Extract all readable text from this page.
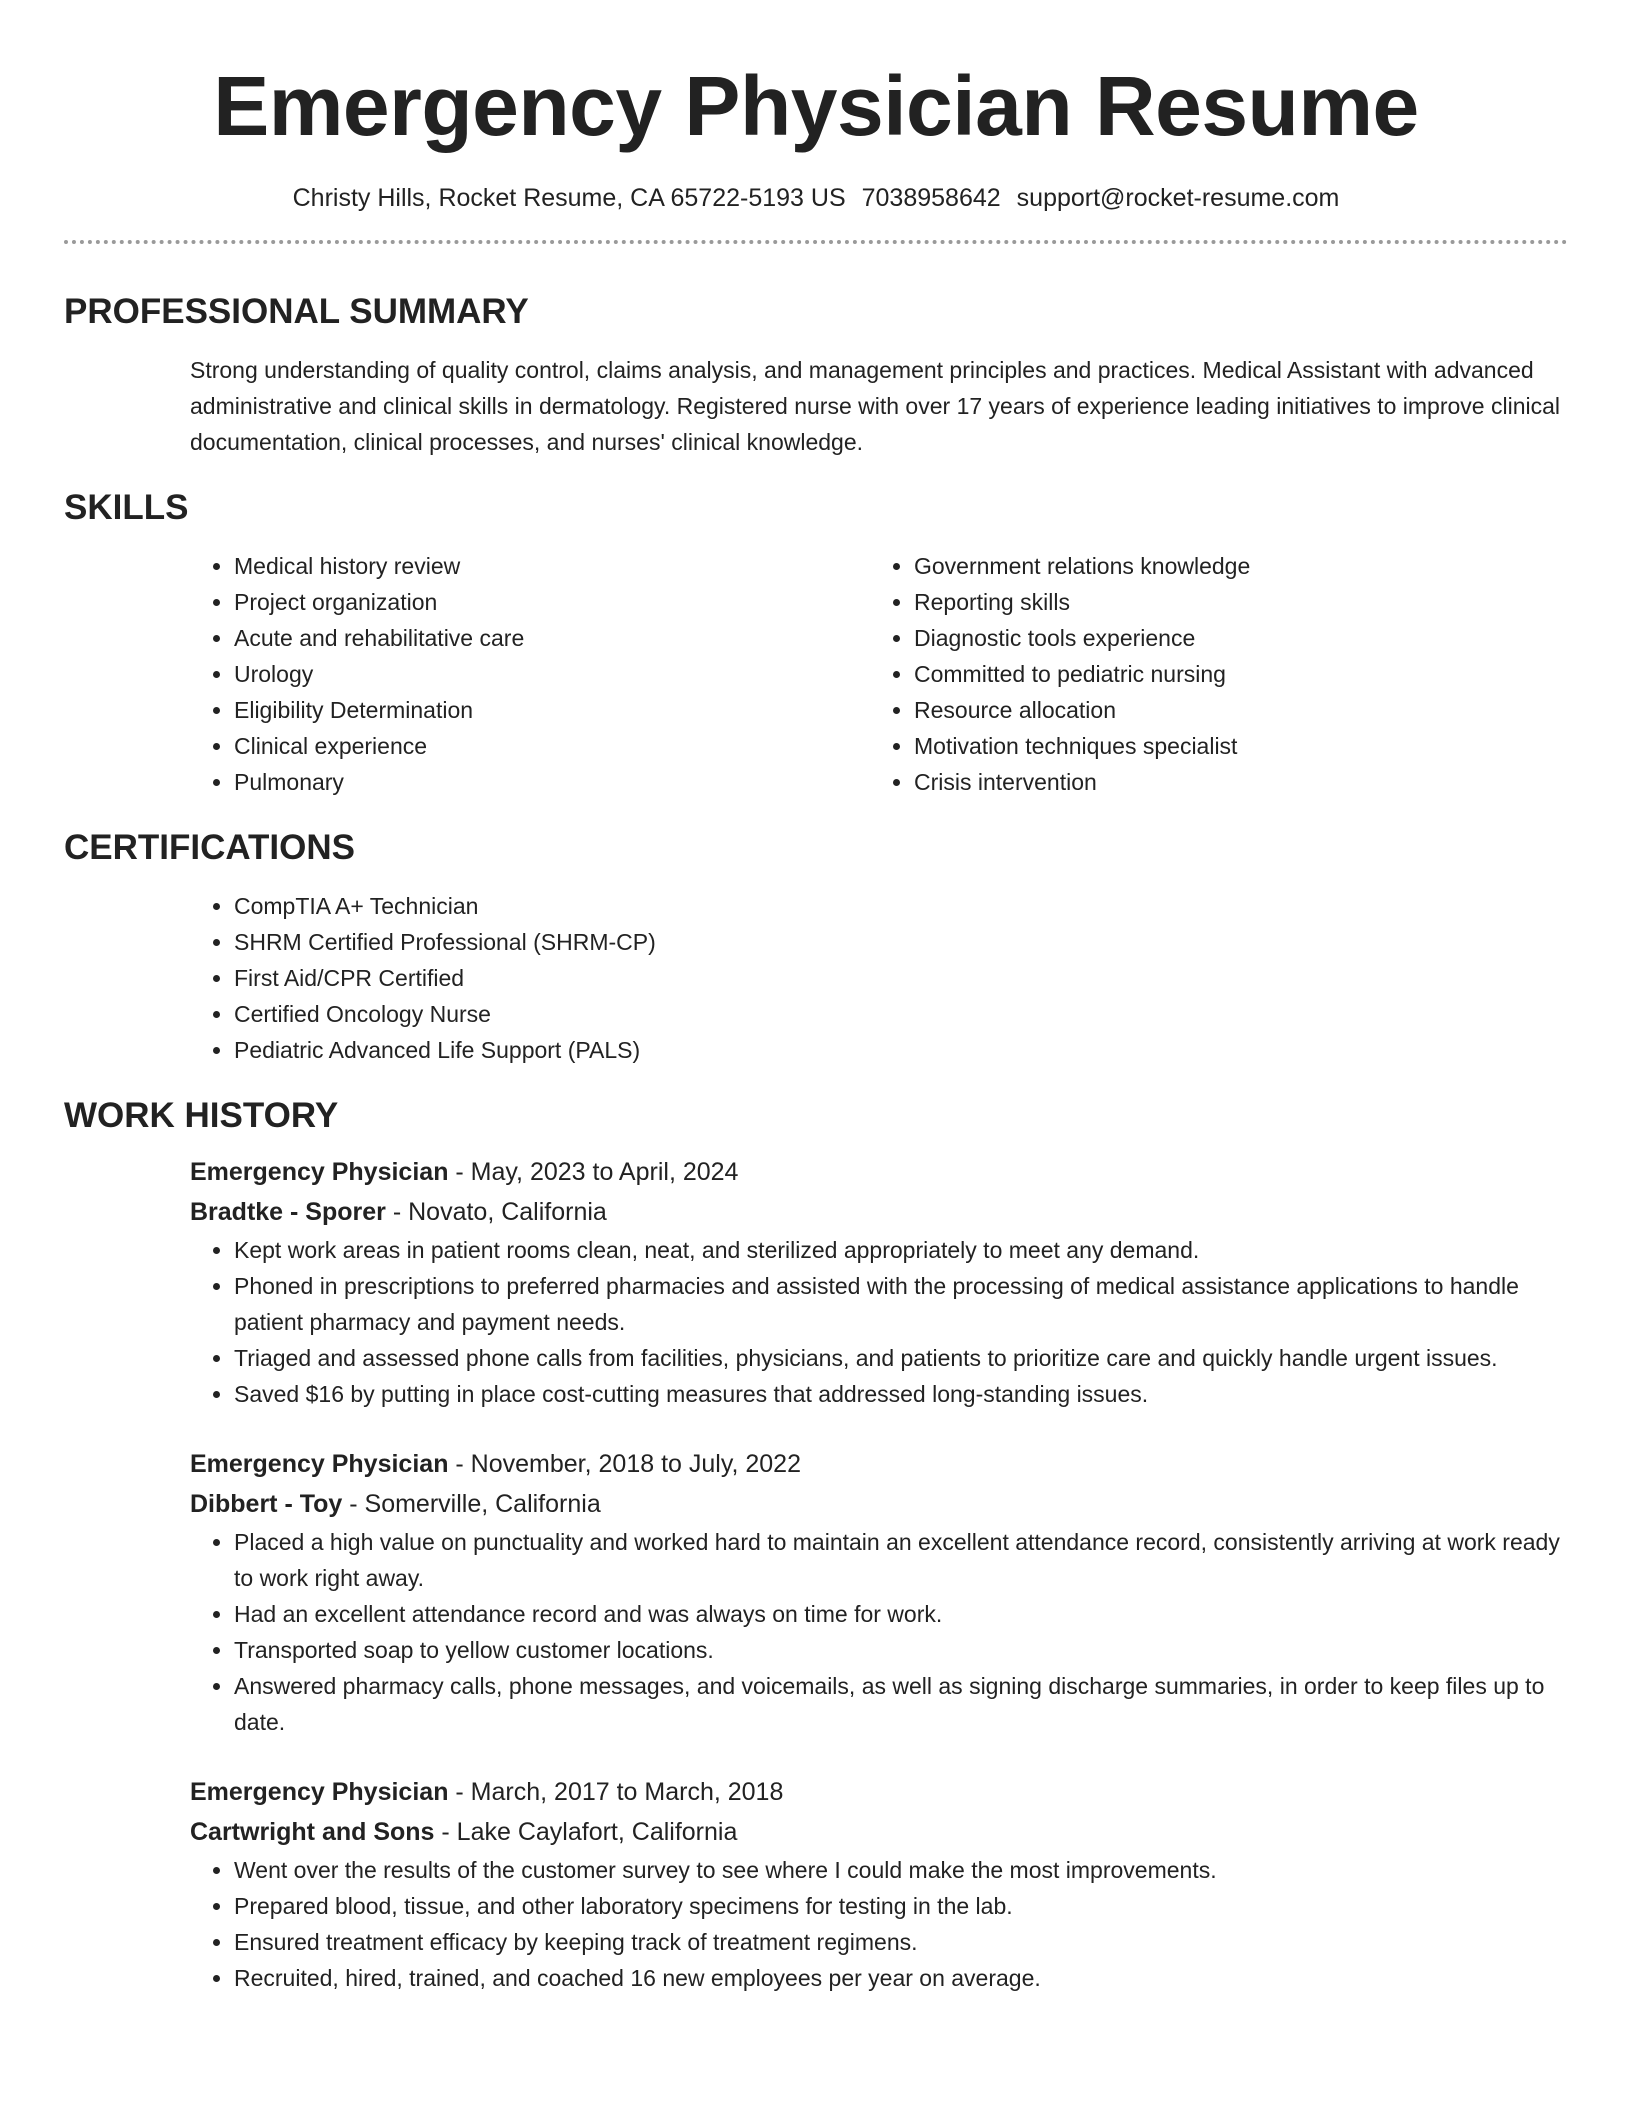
Emergency Physician Resume
Christy Hills, Rocket Resume, CA 65722-5193 US 7038958642 support@rocket-resume.com
PROFESSIONAL SUMMARY
Strong understanding of quality control, claims analysis, and management principles and practices. Medical Assistant with advanced administrative and clinical skills in dermatology. Registered nurse with over 17 years of experience leading initiatives to improve clinical documentation, clinical processes, and nurses' clinical knowledge.
SKILLS
• Medical history review
• Project organization
• Acute and rehabilitative care
• Urology
• Eligibility Determination
• Clinical experience
• Pulmonary
• Government relations knowledge
• Reporting skills
• Diagnostic tools experience
• Committed to pediatric nursing
• Resource allocation
• Motivation techniques specialist
• Crisis intervention
CERTIFICATIONS
• CompTIA A+ Technician
• SHRM Certified Professional (SHRM-CP)
• First Aid/CPR Certified
• Certified Oncology Nurse
• Pediatric Advanced Life Support (PALS)
WORK HISTORY
Emergency Physician - May, 2023 to April, 2024
Bradtke - Sporer - Novato, California
• Kept work areas in patient rooms clean, neat, and sterilized appropriately to meet any demand.
• Phoned in prescriptions to preferred pharmacies and assisted with the processing of medical assistance applications to handle patient pharmacy and payment needs.
• Triaged and assessed phone calls from facilities, physicians, and patients to prioritize care and quickly handle urgent issues.
• Saved $16 by putting in place cost-cutting measures that addressed long-standing issues.
Emergency Physician - November, 2018 to July, 2022
Dibbert - Toy - Somerville, California
• Placed a high value on punctuality and worked hard to maintain an excellent attendance record, consistently arriving at work ready to work right away.
• Had an excellent attendance record and was always on time for work.
• Transported soap to yellow customer locations.
• Answered pharmacy calls, phone messages, and voicemails, as well as signing discharge summaries, in order to keep files up to date.
Emergency Physician - March, 2017 to March, 2018
Cartwright and Sons - Lake Caylafort, California
• Went over the results of the customer survey to see where I could make the most improvements.
• Prepared blood, tissue, and other laboratory specimens for testing in the lab.
• Ensured treatment efficacy by keeping track of treatment regimens.
• Recruited, hired, trained, and coached 16 new employees per year on average.
